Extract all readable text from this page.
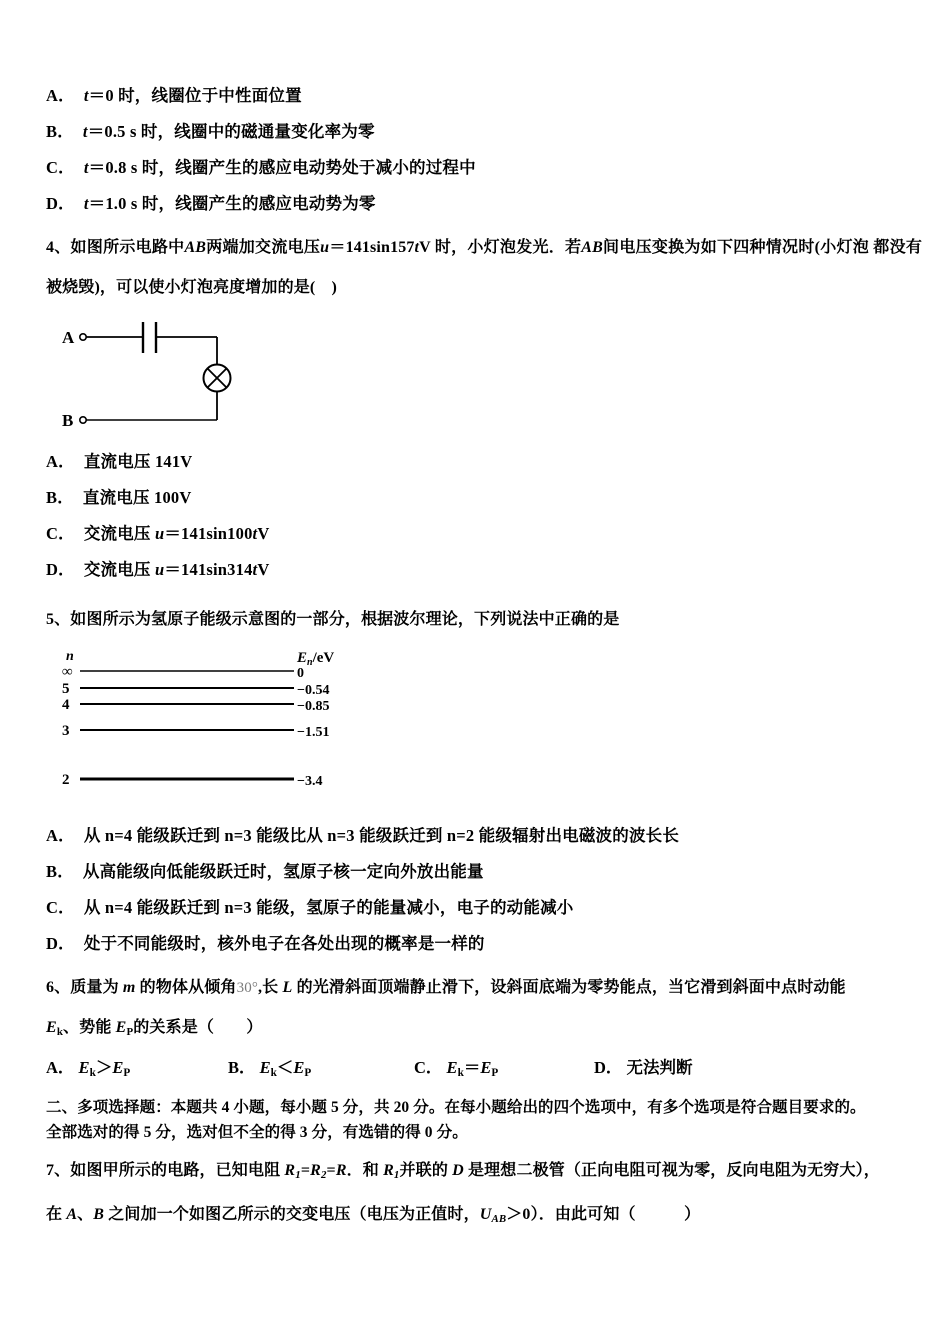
A． t＝0 时，线圈位于中性面位置
B． t＝0.5 s 时，线圈中的磁通量变化率为零
C． t＝0.8 s 时，线圈产生的感应电动势处于减小的过程中
D． t＝1.0 s 时，线圈产生的感应电动势为零
4、如图所示电路中AB两端加交流电压u＝141sin157tV 时，小灯泡发光．若AB间电压变换为如下四种情况时(小灯泡 都没有被烧毁)，可以使小灯泡亮度增加的是(　)
A
B
A． 直流电压 141V
B． 直流电压 100V
C． 交流电压 u＝141sin100tV
D． 交流电压 u＝141sin314tV
5、如图所示为氢原子能级示意图的一部分，根据波尔理论，下列说法中正确的是
n	$E_n/eV$
∞	0
5	−0.54
4	−0.85
3	−1.51
2	−3.4
A． 从 n=4 能级跃迁到 n=3 能级比从 n=3 能级跃迁到 n=2 能级辐射出电磁波的波长长
B． 从高能级向低能级跃迁时，氢原子核一定向外放出能量
C． 从 n=4 能级跃迁到 n=3 能级，氢原子的能量减小，电子的动能减小
D． 处于不同能级时，核外电子在各处出现的概率是一样的
6、质量为 m 的物体从倾角30°,长 L 的光滑斜面顶端静止滑下，设斜面底端为零势能点，当它滑到斜面中点时动能
$E_k$、势能 $E_P$的关系是（　　）
A． $E_k>E_P$	B． $E_k<E_P$	C． $E_k=E_P$	D． 无法判断
二、多项选择题：本题共 4 小题，每小题 5 分，共 20 分。在每小题给出的四个选项中，有多个选项是符合题目要求的。
全部选对的得 5 分，选对但不全的得 3 分，有选错的得 0 分。
7、如图甲所示的电路，已知电阻 $R_1=R_2=R$．和 $R_1$并联的 D 是理想二极管（正向电阻可视为零，反向电阻为无穷大），
在 A、B 之间加一个如图乙所示的交变电压（电压为正值时，$U_{AB}>0$）．由此可知（　　　）
